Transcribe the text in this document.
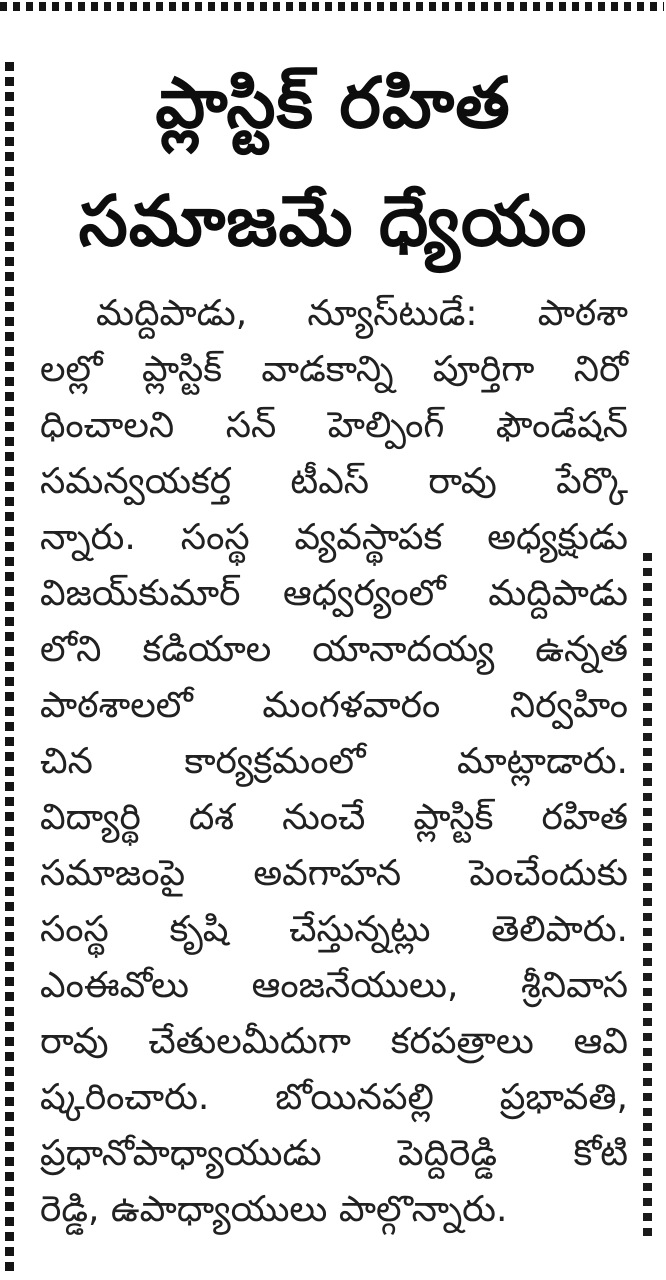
ప్లాస్టిక్ రహిత
సమాజమే ధ్యేయం
మద్దిపాడు, న్యూస్‌టుడే: పాఠశా
లల్లో ప్లాస్టిక్ వాడకాన్ని పూర్తిగా నిరో
ధించాలని సన్ హెల్పింగ్ ఫౌండేషన్
సమన్వయకర్త టీఎస్ రావు పేర్కొ
న్నారు. సంస్థ వ్యవస్థాపక అధ్యక్షుడు
విజయ్‌కుమార్ ఆధ్వర్యంలో మద్దిపాడు
లోని కడియాల యానాదయ్య ఉన్నత
పాఠశాలలో మంగళవారం నిర్వహిం
చిన కార్యక్రమంలో మాట్లాడారు.
విద్యార్థి దశ నుంచే ప్లాస్టిక్ రహిత
సమాజంపై అవగాహన పెంచేందుకు
సంస్థ కృషి చేస్తున్నట్లు తెలిపారు.
ఎంఈవోలు ఆంజనేయులు, శ్రీనివాస
రావు చేతులమీదుగా కరపత్రాలు ఆవి
ష్కరించారు. బోయినపల్లి ప్రభావతి,
ప్రధానోపాధ్యాయుడు పెద్దిరెడ్డి కోటి
రెడ్డి, ఉపాధ్యాయులు పాల్గొన్నారు.
